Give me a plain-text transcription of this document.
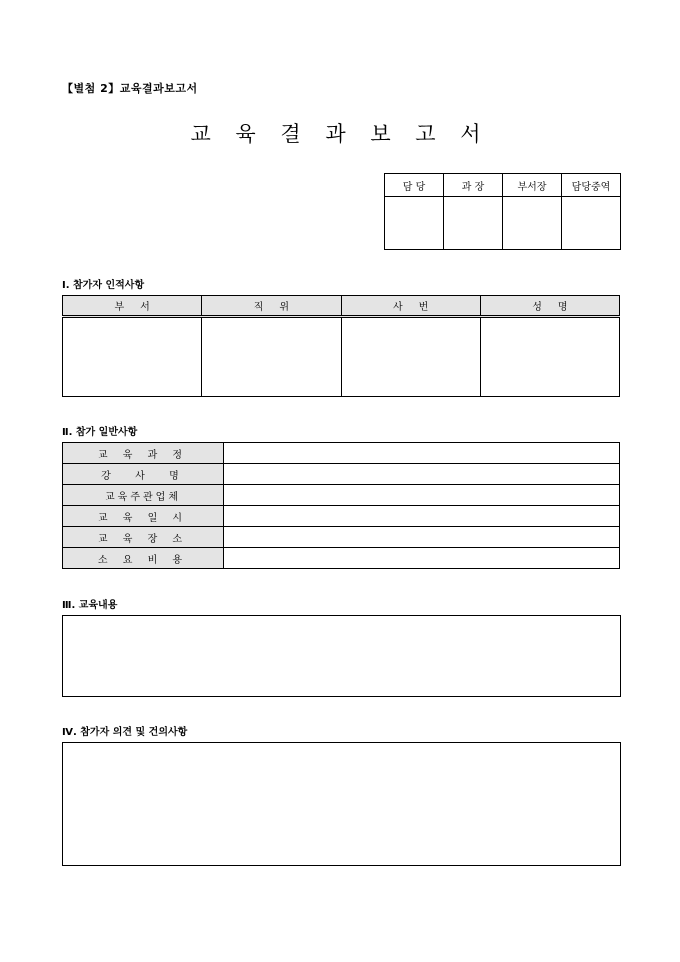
【별첨 2】교육결과보고서
교 육 결 과 보 고 서
담 당	과 장	부서장	담당중역

Ⅰ. 참가자 인적사항
부     서	직     위	사     번	성     명

Ⅱ. 참가 일반사항
교 육 과 정	
강  사  명	
교육주관업체	
교 육 일 시	
교 육 장 소	
소 요 비 용	
Ⅲ. 교육내용
Ⅳ. 참가자 의견 및 건의사항
